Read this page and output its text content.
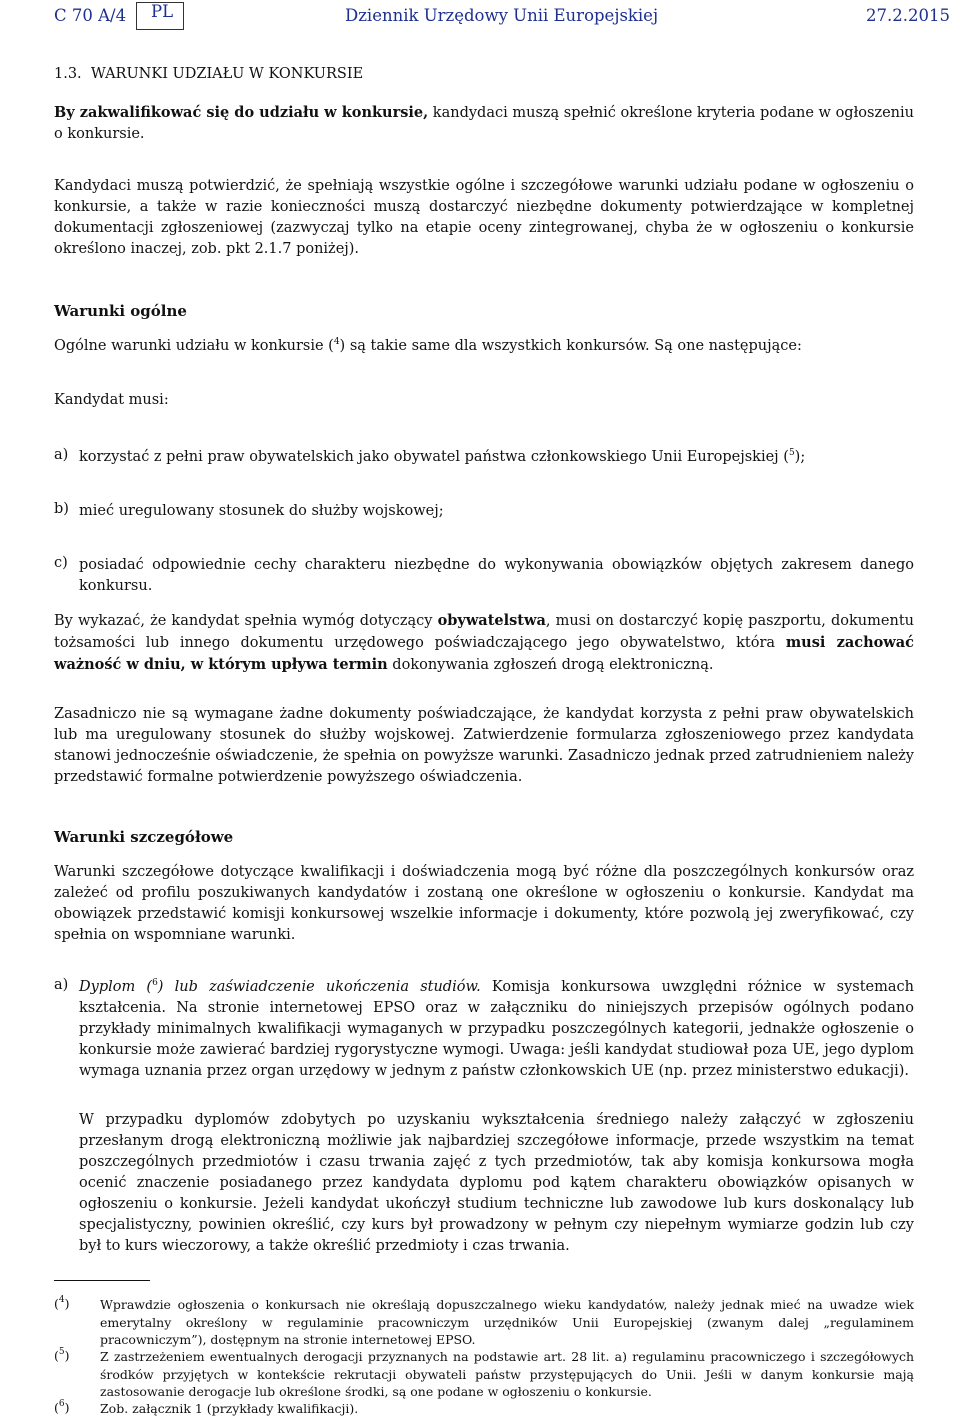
C 70 A/4 PL	Dziennik Urzędowy Unii Europejskiej	27.2.2015
1.3. WARUNKI UDZIAŁU W KONKURSIE

By zakwalifikować się do udziału w konkursie, kandydaci muszą spełnić określone kryteria podane w ogłoszeniu o konkursie.

Kandydaci muszą potwierdzić, że spełniają wszystkie ogólne i szczegółowe warunki udziału podane w ogłoszeniu o konkursie, a także w razie konieczności muszą dostarczyć niezbędne dokumenty potwierdzające w kompletnej dokumentacji zgłoszeniowej (zazwyczaj tylko na etapie oceny zintegrowanej, chyba że w ogłoszeniu o konkursie określono inaczej, zob. pkt 2.1.7 poniżej).

Warunki ogólne

Ogólne warunki udziału w konkursie ($^4$) są takie same dla wszystkich konkursów. Są one następujące:

Kandydat musi:

a) korzystać z pełni praw obywatelskich jako obywatel państwa członkowskiego Unii Europejskiej ($^5$);

b) mieć uregulowany stosunek do służby wojskowej;

c) posiadać odpowiednie cechy charakteru niezbędne do wykonywania obowiązków objętych zakresem danego konkursu.

By wykazać, że kandydat spełnia wymóg dotyczący obywatelstwa, musi on dostarczyć kopię paszportu, dokumentu tożsamości lub innego dokumentu urzędowego poświadczającego jego obywatelstwo, która musi zachować ważność w dniu, w którym upływa termin dokonywania zgłoszeń drogą elektroniczną.

Zasadniczo nie są wymagane żadne dokumenty poświadczające, że kandydat korzysta z pełni praw obywatelskich lub ma uregulowany stosunek do służby wojskowej. Zatwierdzenie formularza zgłoszeniowego przez kandydata stanowi jednocześnie oświadczenie, że spełnia on powyższe warunki. Zasadniczo jednak przed zatrudnieniem należy przedstawić formalne potwierdzenie powyższego oświadczenia.

Warunki szczegółowe

Warunki szczegółowe dotyczące kwalifikacji i doświadczenia mogą być różne dla poszczególnych konkursów oraz zależeć od profilu poszukiwanych kandydatów i zostaną one określone w ogłoszeniu o konkursie. Kandydat ma obowiązek przedstawić komisji konkursowej wszelkie informacje i dokumenty, które pozwolą jej zweryfikować, czy spełnia on wspomniane warunki.

a) Dyplom ($^6$) lub zaświadczenie ukończenia studiów. Komisja konkursowa uwzględni różnice w systemach kształcenia. Na stronie internetowej EPSO oraz w załączniku do niniejszych przepisów ogólnych podano przykłady minimalnych kwalifikacji wymaganych w przypadku poszczególnych kategorii, jednakże ogłoszenie o konkursie może zawierać bardziej rygorystyczne wymogi. Uwaga: jeśli kandydat studiował poza UE, jego dyplom wymaga uznania przez organ urzędowy w jednym z państw członkowskich UE (np. przez ministerstwo edukacji).

W przypadku dyplomów zdobytych po uzyskaniu wykształcenia średniego należy załączyć w zgłoszeniu przesłanym drogą elektroniczną możliwie jak najbardziej szczegółowe informacje, przede wszystkim na temat poszczególnych przedmiotów i czasu trwania zajęć z tych przedmiotów, tak aby komisja konkursowa mogła ocenić znaczenie posiadanego przez kandydata dyplomu pod kątem charakteru obowiązków opisanych w ogłoszeniu o konkursie. Jeżeli kandydat ukończył studium techniczne lub zawodowe lub kurs doskonalący lub specjalistyczny, powinien określić, czy kurs był prowadzony w pełnym czy niepełnym wymiarze godzin lub czy był to kurs wieczorowy, a także określić przedmioty i czas trwania.

($^4$) Wprawdzie ogłoszenia o konkursach nie określają dopuszczalnego wieku kandydatów, należy jednak mieć na uwadze wiek emerytalny określony w regulaminie pracowniczym urzędników Unii Europejskiej (zwanym dalej „regulaminem pracowniczym”), dostępnym na stronie internetowej EPSO.

($^5$) Z zastrzeżeniem ewentualnych derogacji przyznanych na podstawie art. 28 lit. a) regulaminu pracowniczego i szczegółowych środków przyjętych w kontekście rekrutacji obywateli państw przystępujących do Unii. Jeśli w danym konkursie mają zastosowanie derogacje lub określone środki, są one podane w ogłoszeniu o konkursie.

($^6$) Zob. załącznik 1 (przykłady kwalifikacji).
